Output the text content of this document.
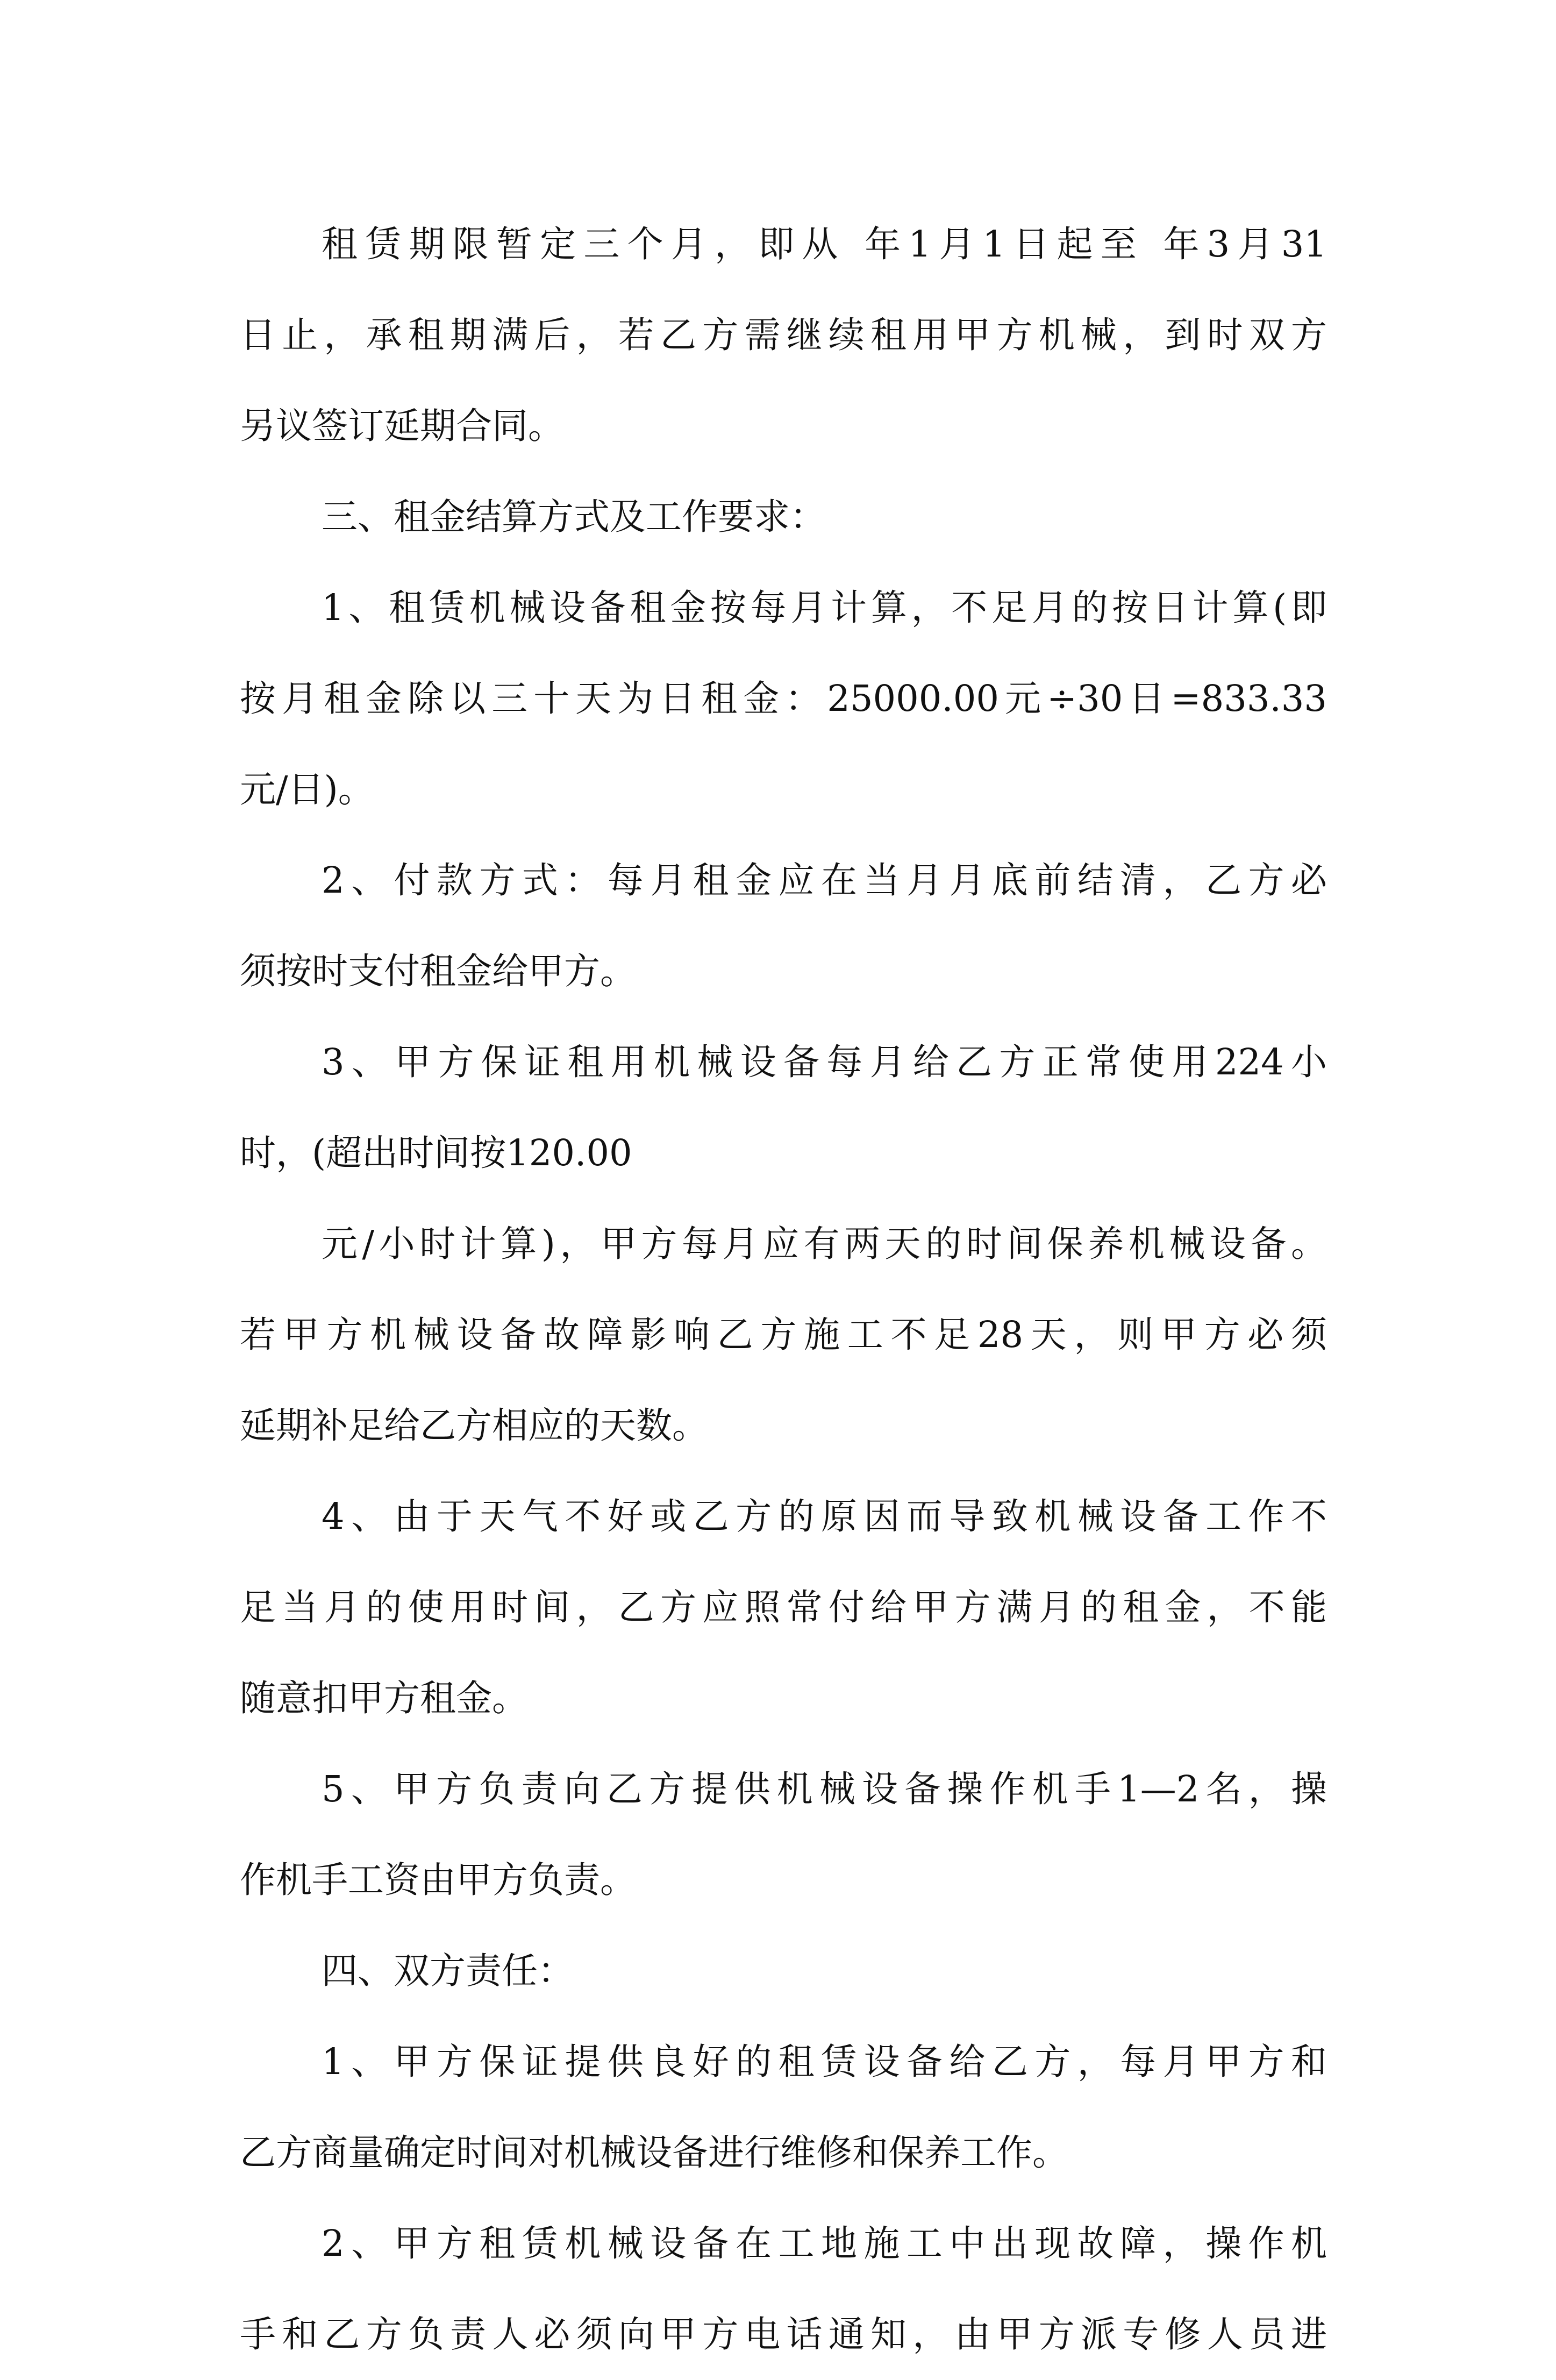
租赁期限暂定三个月，即从 年1月1日起至 年3月31
日止，承租期满后，若乙方需继续租用甲方机械，到时双方
另议签订延期合同。
三、租金结算方式及工作要求：
1、租赁机械设备租金按每月计算，不足月的按日计算(即
按月租金除以三十天为日租金：25000.00元÷30日=833.33
元/日)。
2、付款方式：每月租金应在当月月底前结清，乙方必
须按时支付租金给甲方。
3、甲方保证租用机械设备每月给乙方正常使用224小
时，(超出时间按120.00
元/小时计算)，甲方每月应有两天的时间保养机械设备。
若甲方机械设备故障影响乙方施工不足28天，则甲方必须
延期补足给乙方相应的天数。
4、由于天气不好或乙方的原因而导致机械设备工作不
足当月的使用时间，乙方应照常付给甲方满月的租金，不能
随意扣甲方租金。
5、甲方负责向乙方提供机械设备操作机手1—2名，操
作机手工资由甲方负责。
四、双方责任：
1、甲方保证提供良好的租赁设备给乙方，每月甲方和
乙方商量确定时间对机械设备进行维修和保养工作。
2、甲方租赁机械设备在工地施工中出现故障，操作机
手和乙方负责人必须向甲方电话通知，由甲方派专修人员进
